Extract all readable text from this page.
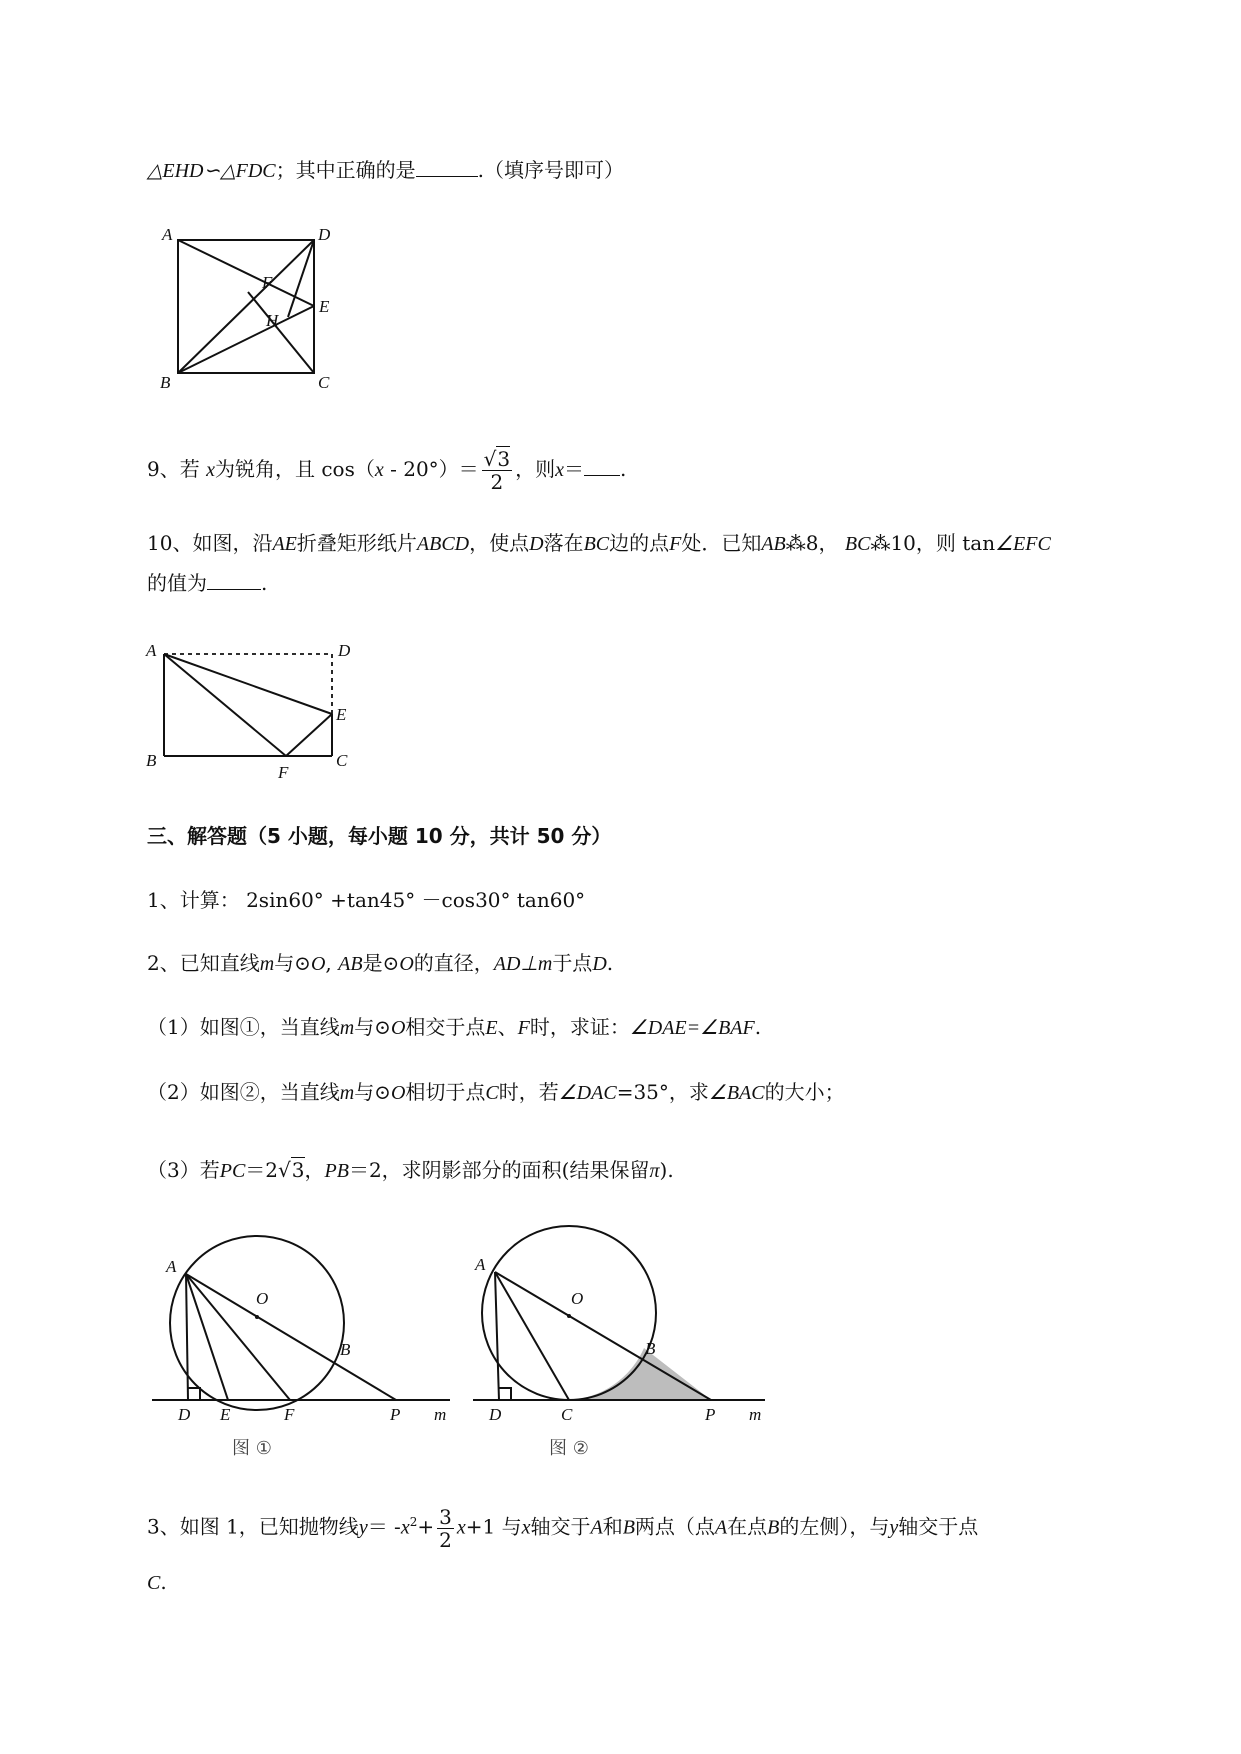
△EHD∽△FDC；其中正确的是	.（填序号即可）
A	D
F
E
H
B	C
9、若 x为锐角，且 $\cos(x - 20^\circ)= \frac{√3}{2}$ ，则x＝ .
10、如图，沿AE折叠矩形纸片ABCD，使点D落在BC边的点F处．已知AB⁂8， BC⁂10，则 tan∠EFC
的值为	.
A	D
E
B
F
C
三、解答题（5 小题，每小题 10 分，共计 50 分）
1、计算： 2sin60° +tan45° －cos30° tan60°
2、已知直线m与⊙O, AB是⊙O的直径，AD⊥m于点D.
（1）如图①，当直线m与⊙O相交于点E、F时，求证：∠DAE=∠BAF.
（2）如图②，当直线m与⊙O相切于点C时，若∠DAC=35°，求∠BAC的大小；
（3）若PC＝2√3，PB＝2，求阴影部分的面积(结果保留π).
A
O
B
D E	F	P m
图 ①
A
O
B
D	C	P m
图 ②
3、如图 1，已知抛物线$y= -x^2+ \frac{3}{2} x+1$ 与x轴交于A和B两点（点A在点B的左侧），与y轴交于点
C.
